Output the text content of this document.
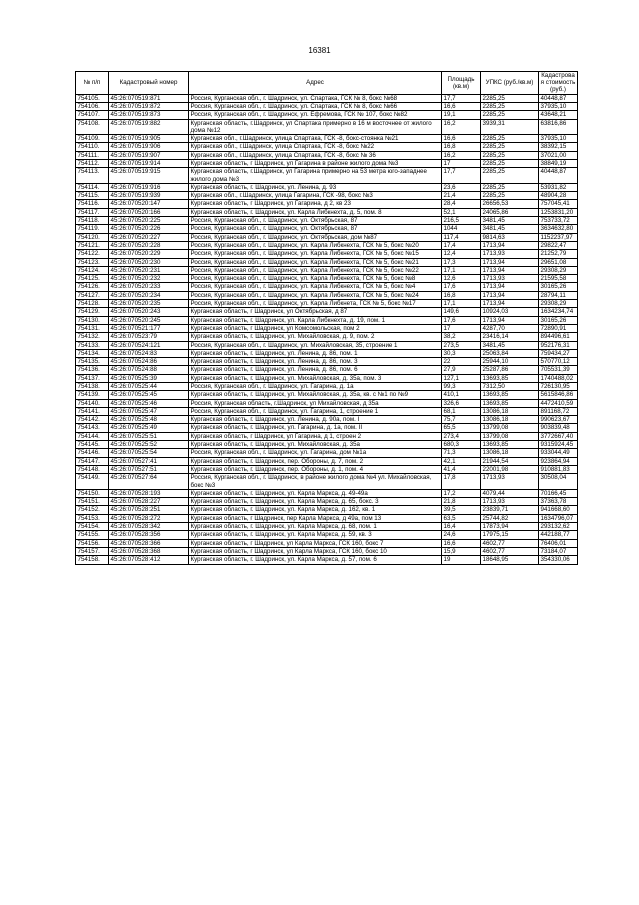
16381
№ п/п	Кадастровый номер	Адрес	Площадь (кв.м)	УПКС (руб./кв.м)	Кадастровая стоимость (руб.)
754105.	45:26:070519:871	Россия, Курганская обл., г. Шадринск, ул. Спартака, ГСК № 8, бокс №68	17,7	2285,25	40448,87
754106.	45:26:070519:872	Россия, Курганская обл., г. Шадринск, ул. Спартака, ГСК № 8, бокс №66	16,6	2285,25	37935,10
754107.	45:26:070519:873	Россия, Курганская обл., г. Шадринск, ул. Ефремова, ГСК № 107, бокс №82	19,1	2285,25	43648,21
754108.	45:26:070519:882	Курганская область, г.Шадринск, ул Спартака примерно в 16 м восточнее от жилого дома №12	16,2	3939,31	63816,86
754109.	45:26:070519:905	Курганская обл., г.Шадринск, улица Спартака, ГСК -8, бокс-стоянка №21	16,6	2285,25	37935,10
754110.	45:26:070519:906	Курганская обл., г.Шадринск, улица Спартака, ГСК -8, бокс №22	16,8	2285,25	38392,15
754111.	45:26:070519:907	Курганская обл., г.Шадринск, улица Спартака, ГСК -8, бокс № 36	16,2	2285,25	37021,00
754112.	45:26:070519:914	Курганская область, г Шадринск, ул Гагарина в районе жилого дома №3	17	2285,25	38849,19
754113.	45:26:070519:915	Курганская область, г.Шадринск, ул Гагарина примерно на 53 метра юго-западнее жилого дома №3	17,7	2285,25	40448,87
754114.	45:26:070519:916	Курганская область, г. Шадринск, ул. Ленина, д. 93	23,6	2285,25	53931,82
754115.	45:26:070519:939	Курганская обл., г.Шадринск, улица Гагарина, ГСК -98, бокс №3	21,4	2285,25	48904,28
754116.	45:26:070520:147	Курганская область, г Шадринск, ул Гагарина, д 2, кв 23	28,4	26656,53	757045,41
754117.	45:26:070520:166	Курганская область, г. Шадринск, ул. Карла Либкнехта, д. 5, пом. 8	52,1	24065,86	1253831,20
754118.	45:26:070520:225	Россия, Курганская обл., г. Шадринск, ул. Октябрьская, 87	216,5	3481,45	753733,72
754119.	45:26:070520:226	Россия, Курганская обл., г. Шадринск, ул. Октябрьская, 87	1044	3481,45	3634632,80
754120.	45:26:070520:227	Россия, Курганская обл., г. Шадринск, ул. Октябрьская, дом №87	117,4	9814,63	1152237,97
754121.	45:26:070520:228	Россия, Курганская обл., г. Шадринск, ул. Карла Либкнехта, ГСК № 5, бокс №20	17,4	1713,94	29822,47
754122.	45:26:070520:229	Россия, Курганская обл., г. Шадринск, ул. Карла Либкнехта, ГСК № 5, бокс №15	12,4	1713,93	21252,79
754123.	45:26:070520:230	Россия, Курганская обл., г. Шадринск, ул. Карла Либкнехта, ГСК № 5, бокс №21	17,3	1713,94	29651,08
754124.	45:26:070520:231	Россия, Курганская обл., г. Шадринск, ул. Карла Либкнехта, ГСК № 5, бокс №22	17,1	1713,94	29308,29
754125.	45:26:070520:232	Россия, Курганская обл., г. Шадринск, ул. Карла Либкнехта, ГСК № 5, бокс №8	12,6	1713,93	21595,58
754126.	45:26:070520:233	Россия, Курганская обл., г. Шадринск, ул. Карла Либкнехта, ГСК № 5, бокс №4	17,6	1713,94	30165,26
754127.	45:26:070520:234	Россия, Курганская обл., г. Шадринск, ул. Карла Либкнехта, ГСК № 5, бокс №24	16,8	1713,94	28794,11
754128.	45:26:070520:235	Россия, Курганская обл., г. Шадринск, ул. Карла Либкнета, ГСК № 5, бокс №17	17,1	1713,94	29308,29
754129.	45:26:070520:243	Курганская область, г Шадринск, ул Октябрьская, д 87	149,6	10924,03	1634234,74
754130.	45:26:070520:245	Курганская область, г. Шадринск, ул. Карла Либкнехта, д. 19, пом. 1	17,6	1713,94	30165,26
754131.	45:26:070521:177	Курганская область, г Шадринск, ул Комсомольская, пом 2	17	4287,70	72890,91
754132.	45:26:070523:79	Курганская область, г. Шадринск, ул. Михайловская, д. 9, пом. 2	38,2	23416,14	894496,61
754133.	45:26:070524:121	Россия, Курганская обл., г. Шадринск, ул. Михайловская, 35, строение 1	273,5	3481,45	952176,31
754134.	45:26:070524:83	Курганская область, г. Шадринск, ул. Ленина, д. 86, пом. 1	30,3	25063,84	759434,27
754135.	45:26:070524:86	Курганская область, г. Шадринск, ул. Ленина, д. 86, пом. 3	22	25944,10	570770,12
754136.	45:26:070524:88	Курганская область, г. Шадринск, ул. Ленина, д. 86, пом. 6	27,9	25287,86	705531,39
754137.	45:26:070525:39	Курганская область, г. Шадринск, ул. Михайловская, д. 35а, пом. 3	127,1	13693,85	1740488,02
754138.	45:26:070525:44	Россия, Курганская обл., г. Шадринск, ул. Гагарина, д. 1а	99,3	7312,50	726130,95
754139.	45:26:070525:45	Курганская область, г. Шадринск, ул. Михайловская, д. 35а, кв. с №1 по №9	410,1	13693,85	5615846,86
754140.	45:26:070525:46	Россия, Курганская область, г.Шадринск, ул Михайловская, д 35а	326,6	13693,85	4472410,59
754141.	45:26:070525:47	Россия, Курганская обл., г. Шадринск, ул. Гагарина, 1, строение 1	68,1	13086,18	891168,72
754142.	45:26:070525:48	Курганская область, г. Шадринск, ул. Ленина, д. 90а, пом. I	75,7	13086,18	990623,67
754143.	45:26:070525:49	Курганская область, г. Шадринск, ул. Гагарина, д. 1а, пом. II	65,5	13799,08	903839,48
754144.	45:26:070525:51	Курганская область, г Шадринск, ул Гагарина, д 1, строен 2	273,4	13799,08	3772667,40
754145.	45:26:070525:52	Курганская область, г. Шадринск, ул. Михайловская, д. 35а	680,3	13693,85	9315924,45
754146.	45:26:070525:54	Россия, Курганская обл., г. Шадринск, ул. Гагарина, дом №1а	71,3	13086,18	933044,49
754147.	45:26:070527:41	Курганская область, г. Шадринск, пер. Обороны, д. 7, пом. 2	42,1	21944,54	923864,94
754148.	45:26:070527:51	Курганская область, г. Шадринск, пер. Обороны, д. 1, пом. 4	41,4	22001,98	910881,83
754149.	45:26:070527:64	Россия, Курганская обл., г. Шадринск, в районе жилого дома №4 ул. Михайловская, бокс №3	17,8	1713,93	30508,04
754150.	45:26:070528:193	Курганская область, г. Шадринск, ул. Карла Маркса, д. 49-49а	17,2	4079,44	70166,45
754151.	45:26:070528:227	Курганская область, г. Шадринск, ул. Карла Маркса, д. 65, бокс. 3	21,8	1713,93	37363,78
754152.	45:26:070528:251	Курганская область, г. Шадринск, ул. Карла Маркса, д. 162, кв. 1	39,5	23839,71	941668,60
754153.	45:26:070528:272	Курганская область, г Шадринск, пер Карла Маркса, д 49а, пом 13	63,5	25744,82	1634796,07
754154.	45:26:070528:342	Курганская область, г. Шадринск, ул. Карла Маркса, д. 68, пом. 1	16,4	17873,94	293132,62
754155.	45:26:070528:356	Курганская область, г. Шадринск, ул. Карла Маркса, д. 59, кв. 3	24,6	17975,15	442188,77
754156.	45:26:070528:366	Курганская область, г Шадринск, ул Карла Маркса, ГСК 160, бокс 7	16,6	4602,77	76406,01
754157.	45:26:070528:368	Курганская область, г Шадринск, ул Карла Маркса, ГСК 160, бокс 10	15,9	4602,77	73184,07
754158.	45:26:070528:412	Курганская область, г. Шадринск, ул. Карла Маркса, д. 57, пом. 6	19	18648,95	354330,06
